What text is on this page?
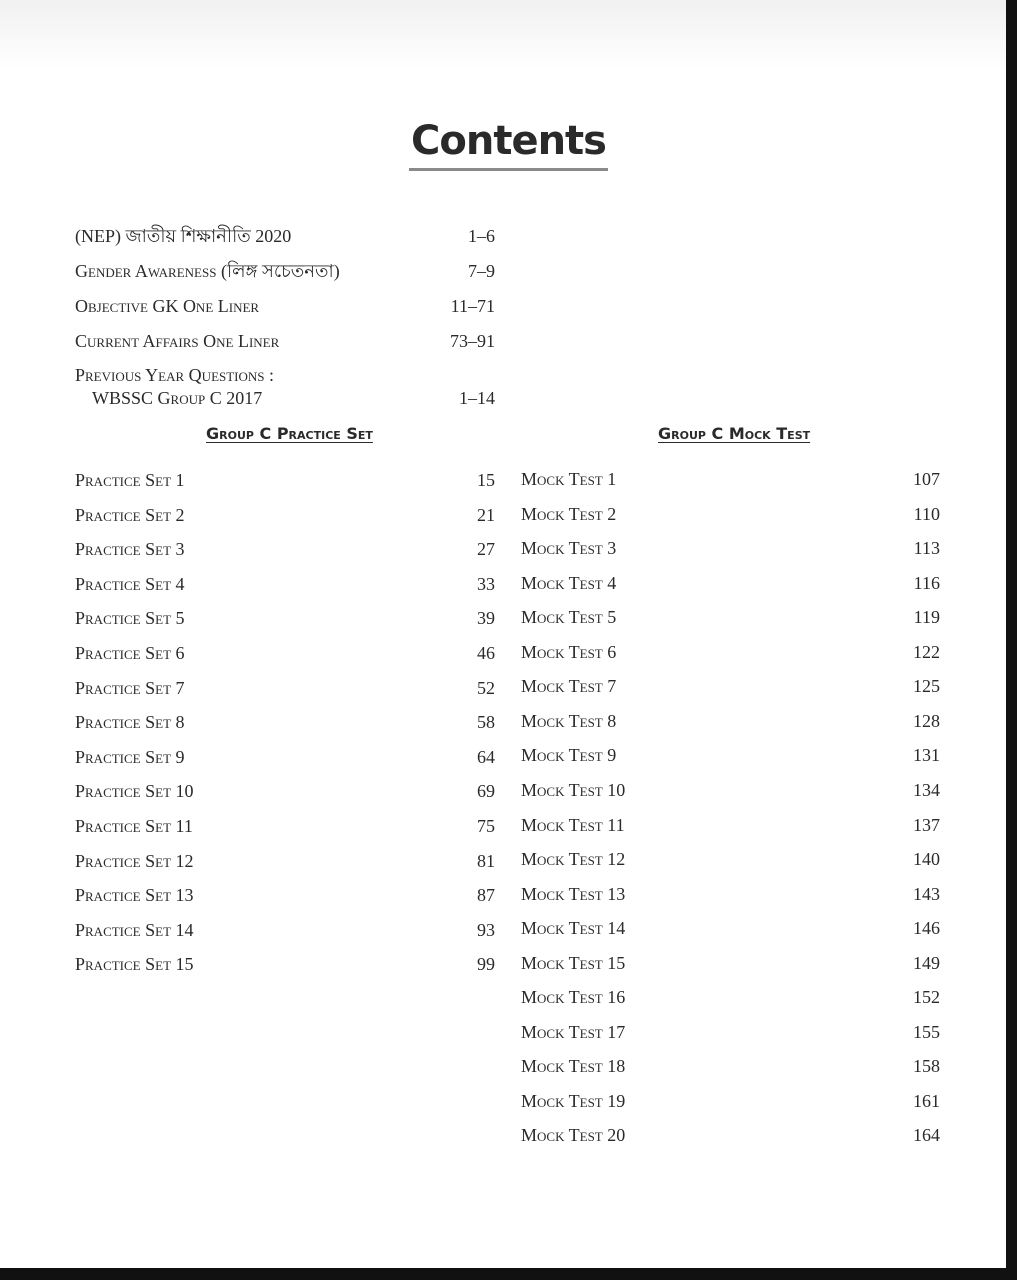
Contents
(NEP) জাতীয় শিক্ষানীতি 2020	1–6
Gender Awareness (লিঙ্গ সচেতনতা)	7–9
Objective GK One Liner	11–71
Current Affairs One Liner	73–91
Previous Year Questions :
WBSSC Group C 2017	1–14
Group C Practice Set	Group C Mock Test
Practice Set 1	15
Practice Set 2	21
Practice Set 3	27
Practice Set 4	33
Practice Set 5	39
Practice Set 6	46
Practice Set 7	52
Practice Set 8	58
Practice Set 9	64
Practice Set 10	69
Practice Set 11	75
Practice Set 12	81
Practice Set 13	87
Practice Set 14	93
Practice Set 15	99
Mock Test 1	107
Mock Test 2	110
Mock Test 3	113
Mock Test 4	116
Mock Test 5	119
Mock Test 6	122
Mock Test 7	125
Mock Test 8	128
Mock Test 9	131
Mock Test 10	134
Mock Test 11	137
Mock Test 12	140
Mock Test 13	143
Mock Test 14	146
Mock Test 15	149
Mock Test 16	152
Mock Test 17	155
Mock Test 18	158
Mock Test 19	161
Mock Test 20	164
